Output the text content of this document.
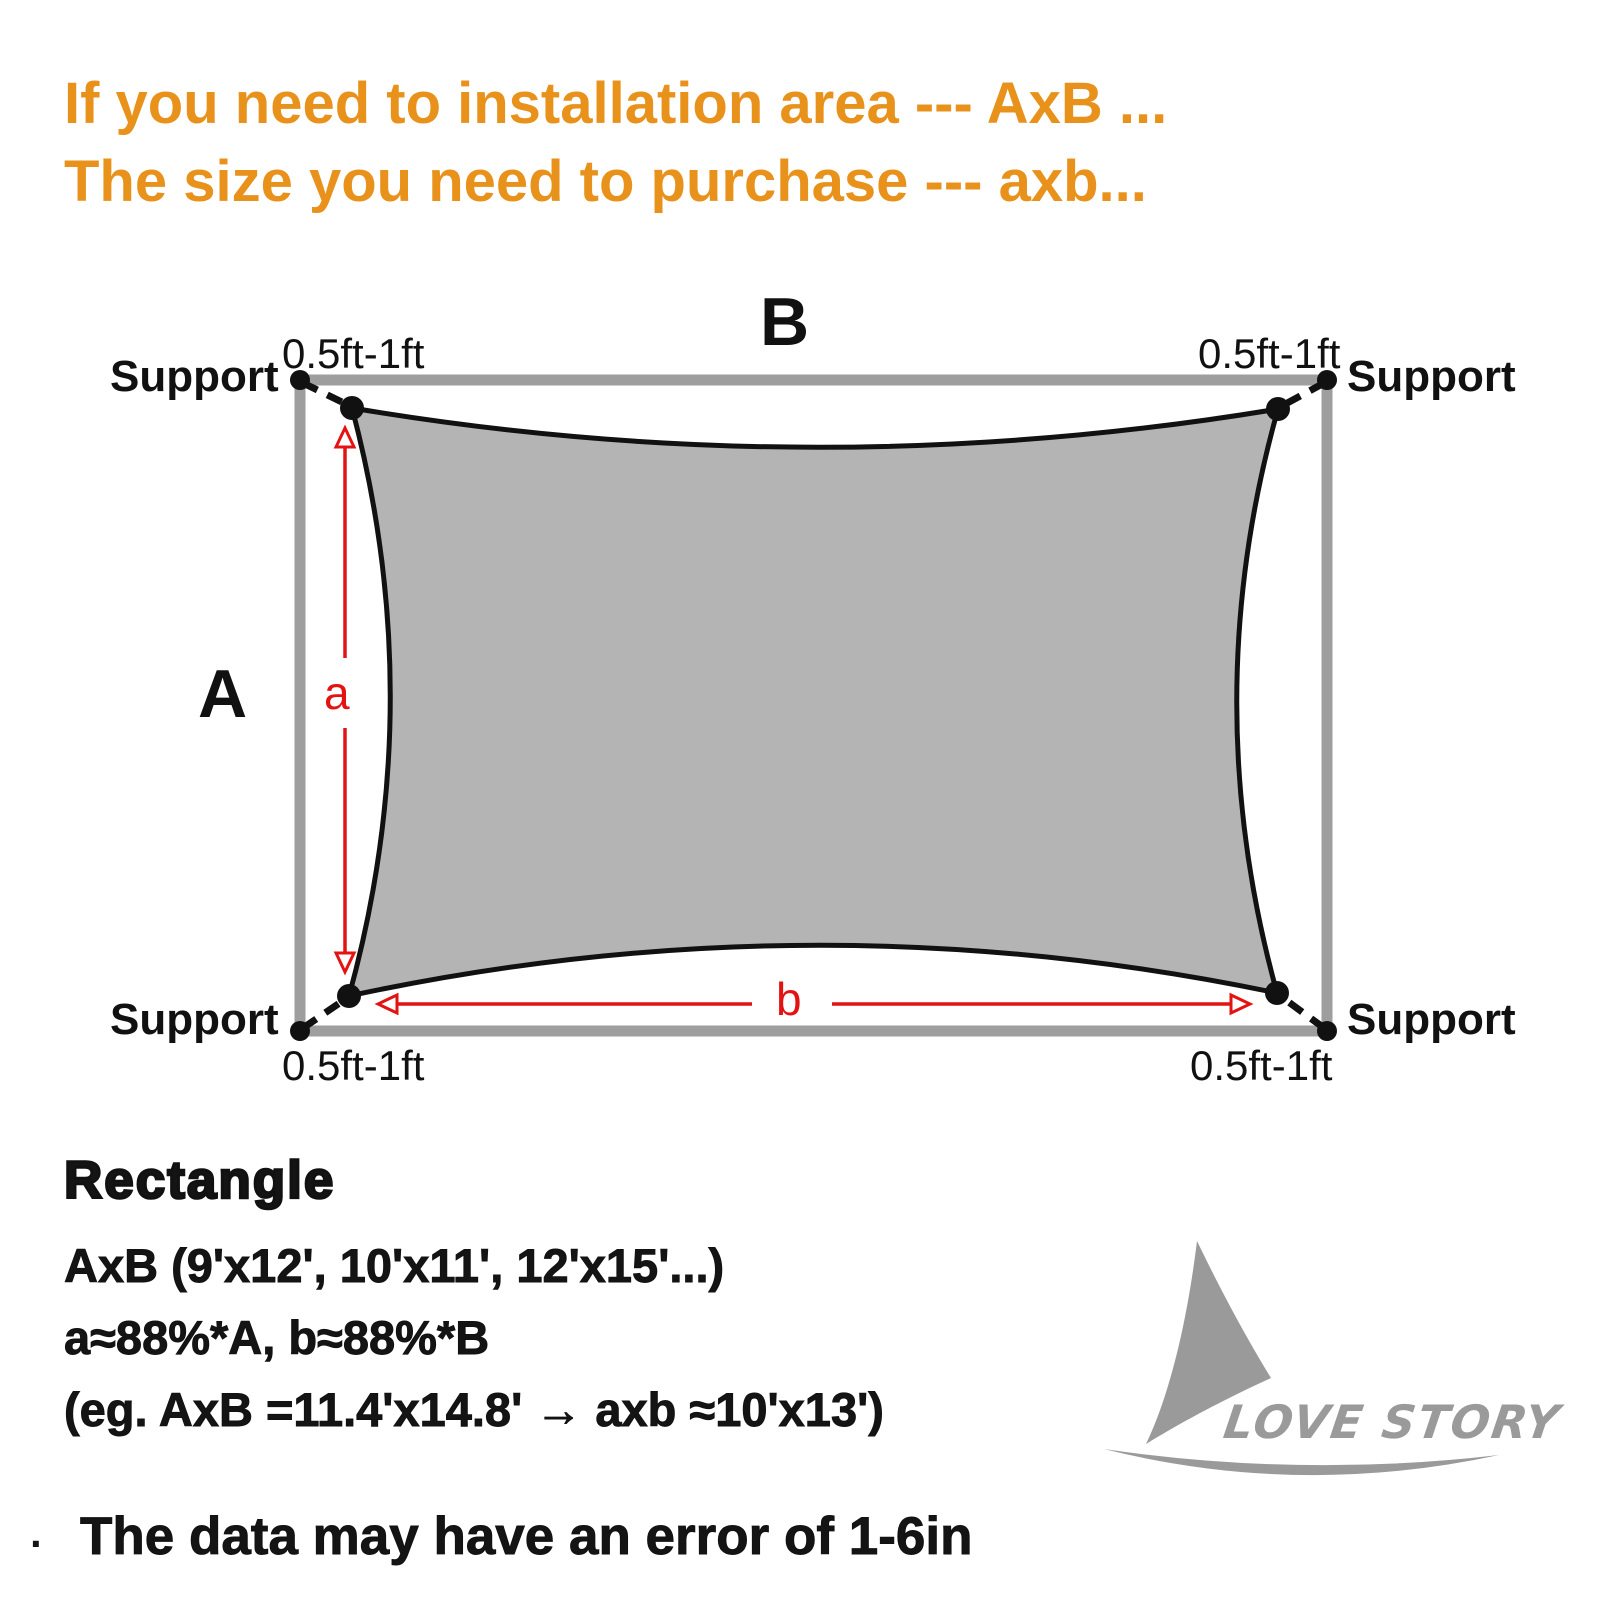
LOVE STORY
If you need to installation area --- AxB ...
The size you need to purchase --- axb...
B
A a
b
Support	Support
Support	Support
0.5ft-1ft	0.5ft-1ft
0.5ft-1ft	0.5ft-1ft
Rectangle
AxB (9'x12', 10'x11', 12'x15'...)
a≈88%*A, b≈88%*B
(eg. AxB =11.4'x14.8' → axb ≈10'x13')
· The data may have an error of 1-6in
